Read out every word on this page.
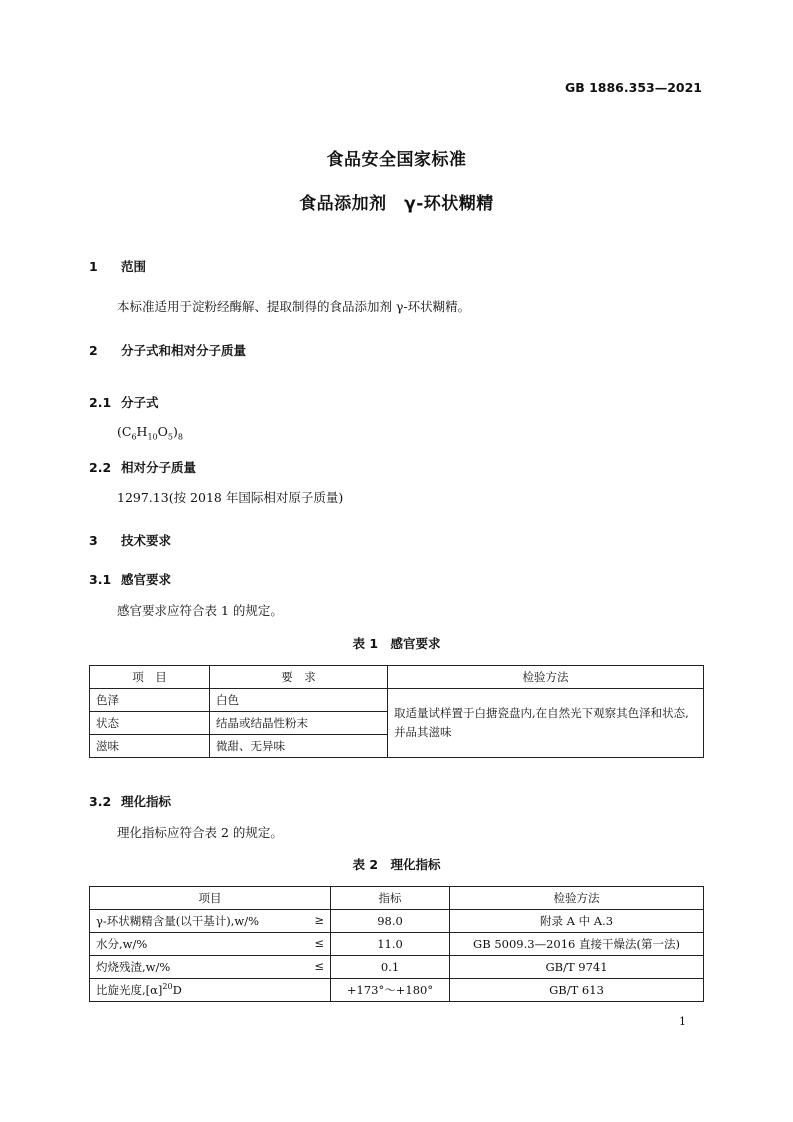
GB 1886.353—2021
食品安全国家标准
食品添加剂　γ-环状糊精
1 范围
本标准适用于淀粉经酶解、提取制得的食品添加剂 γ-环状糊精。
2 分子式和相对分子质量
2.1 分子式
$(C_6H_{10}O_5)_8$
2.2 相对分子质量
1297.13(按 2018 年国际相对原子质量)
3 技术要求
3.1 感官要求
感官要求应符合表 1 的规定。
表 1　感官要求
项　目	要　求	检验方法
色泽	白色	取适量试样置于白搪瓷盘内,在自然光下观察其色泽和状态,并品其滋味
状态	结晶或结晶性粉末	
滋味	微甜、无异味	
3.2 理化指标
理化指标应符合表 2 的规定。
表 2　理化指标
项目	指标	检验方法
γ-环状糊精含量(以干基计),w/% ≥	98.0	附录 A 中 A.3
水分,w/% ≤	11.0	GB 5009.3—2016 直接干燥法(第一法)
灼烧残渣,w/% ≤	0.1	GB/T 9741
比旋光度$,[\alpha]^{20}D$	+173°～+180°	GB/T 613
1
